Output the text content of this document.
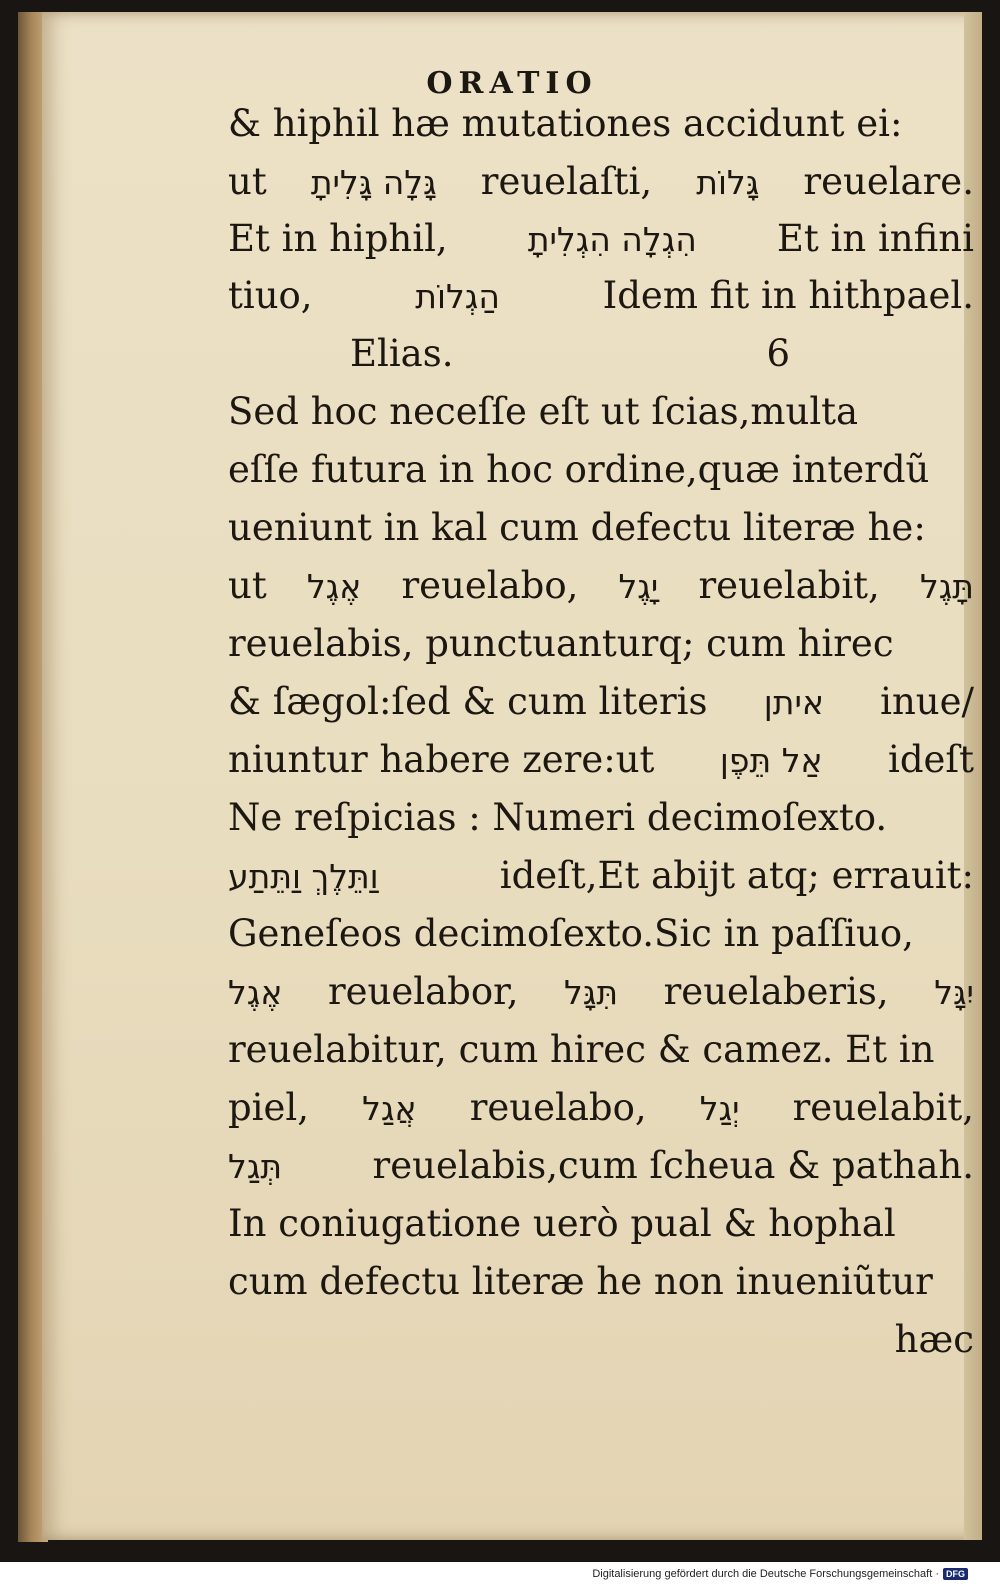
ORATIO
& hiphil hæ mutationes accidunt ei:
ut גָּלָה גָּלִיתָ reuelaſti, גָּלוֹת reuelare.
Et in hiphil, הִגְלָה הִגְלִיתָ Et in infini
tiuo,	הַגְלוֹת	Idem fit in hithpael.
Elias.	6
Sed hoc neceſſe eſt ut ſcias,multa
eſſe futura in hoc ordine,quæ interdũ
ueniunt in kal cum defectu literæ he:
ut אֶגֶל reuelabo, יָגֶל reuelabit, תָּגֶל
reuelabis, punctuanturq; cum hirec
& ſægol:ſed & cum literis איתן inue/
niuntur habere zere:ut אַל תֵּפֶן ideſt
Ne reſpicias : Numeri decimoſexto.
וַתֵּלֶךְ וַתֵּתַע	ideſt,Et abijt atq; errauit:
Geneſeos decimoſexto.Sic in paſſiuo,
אֶגֶל reuelabor, תִּגָּל reuelaberis, יִגָּל
reuelabitur, cum hirec & camez. Et in
piel, אֲגַל reuelabo, יְגַל reuelabit,
תְּגַל reuelabis,cum ſcheua & pathah.
In coniugatione uerò pual & hophal
cum defectu literæ he non inueniũtur
hæc
Digitalisierung gefördert durch die Deutsche Forschungsgemeinschaft · DFG
